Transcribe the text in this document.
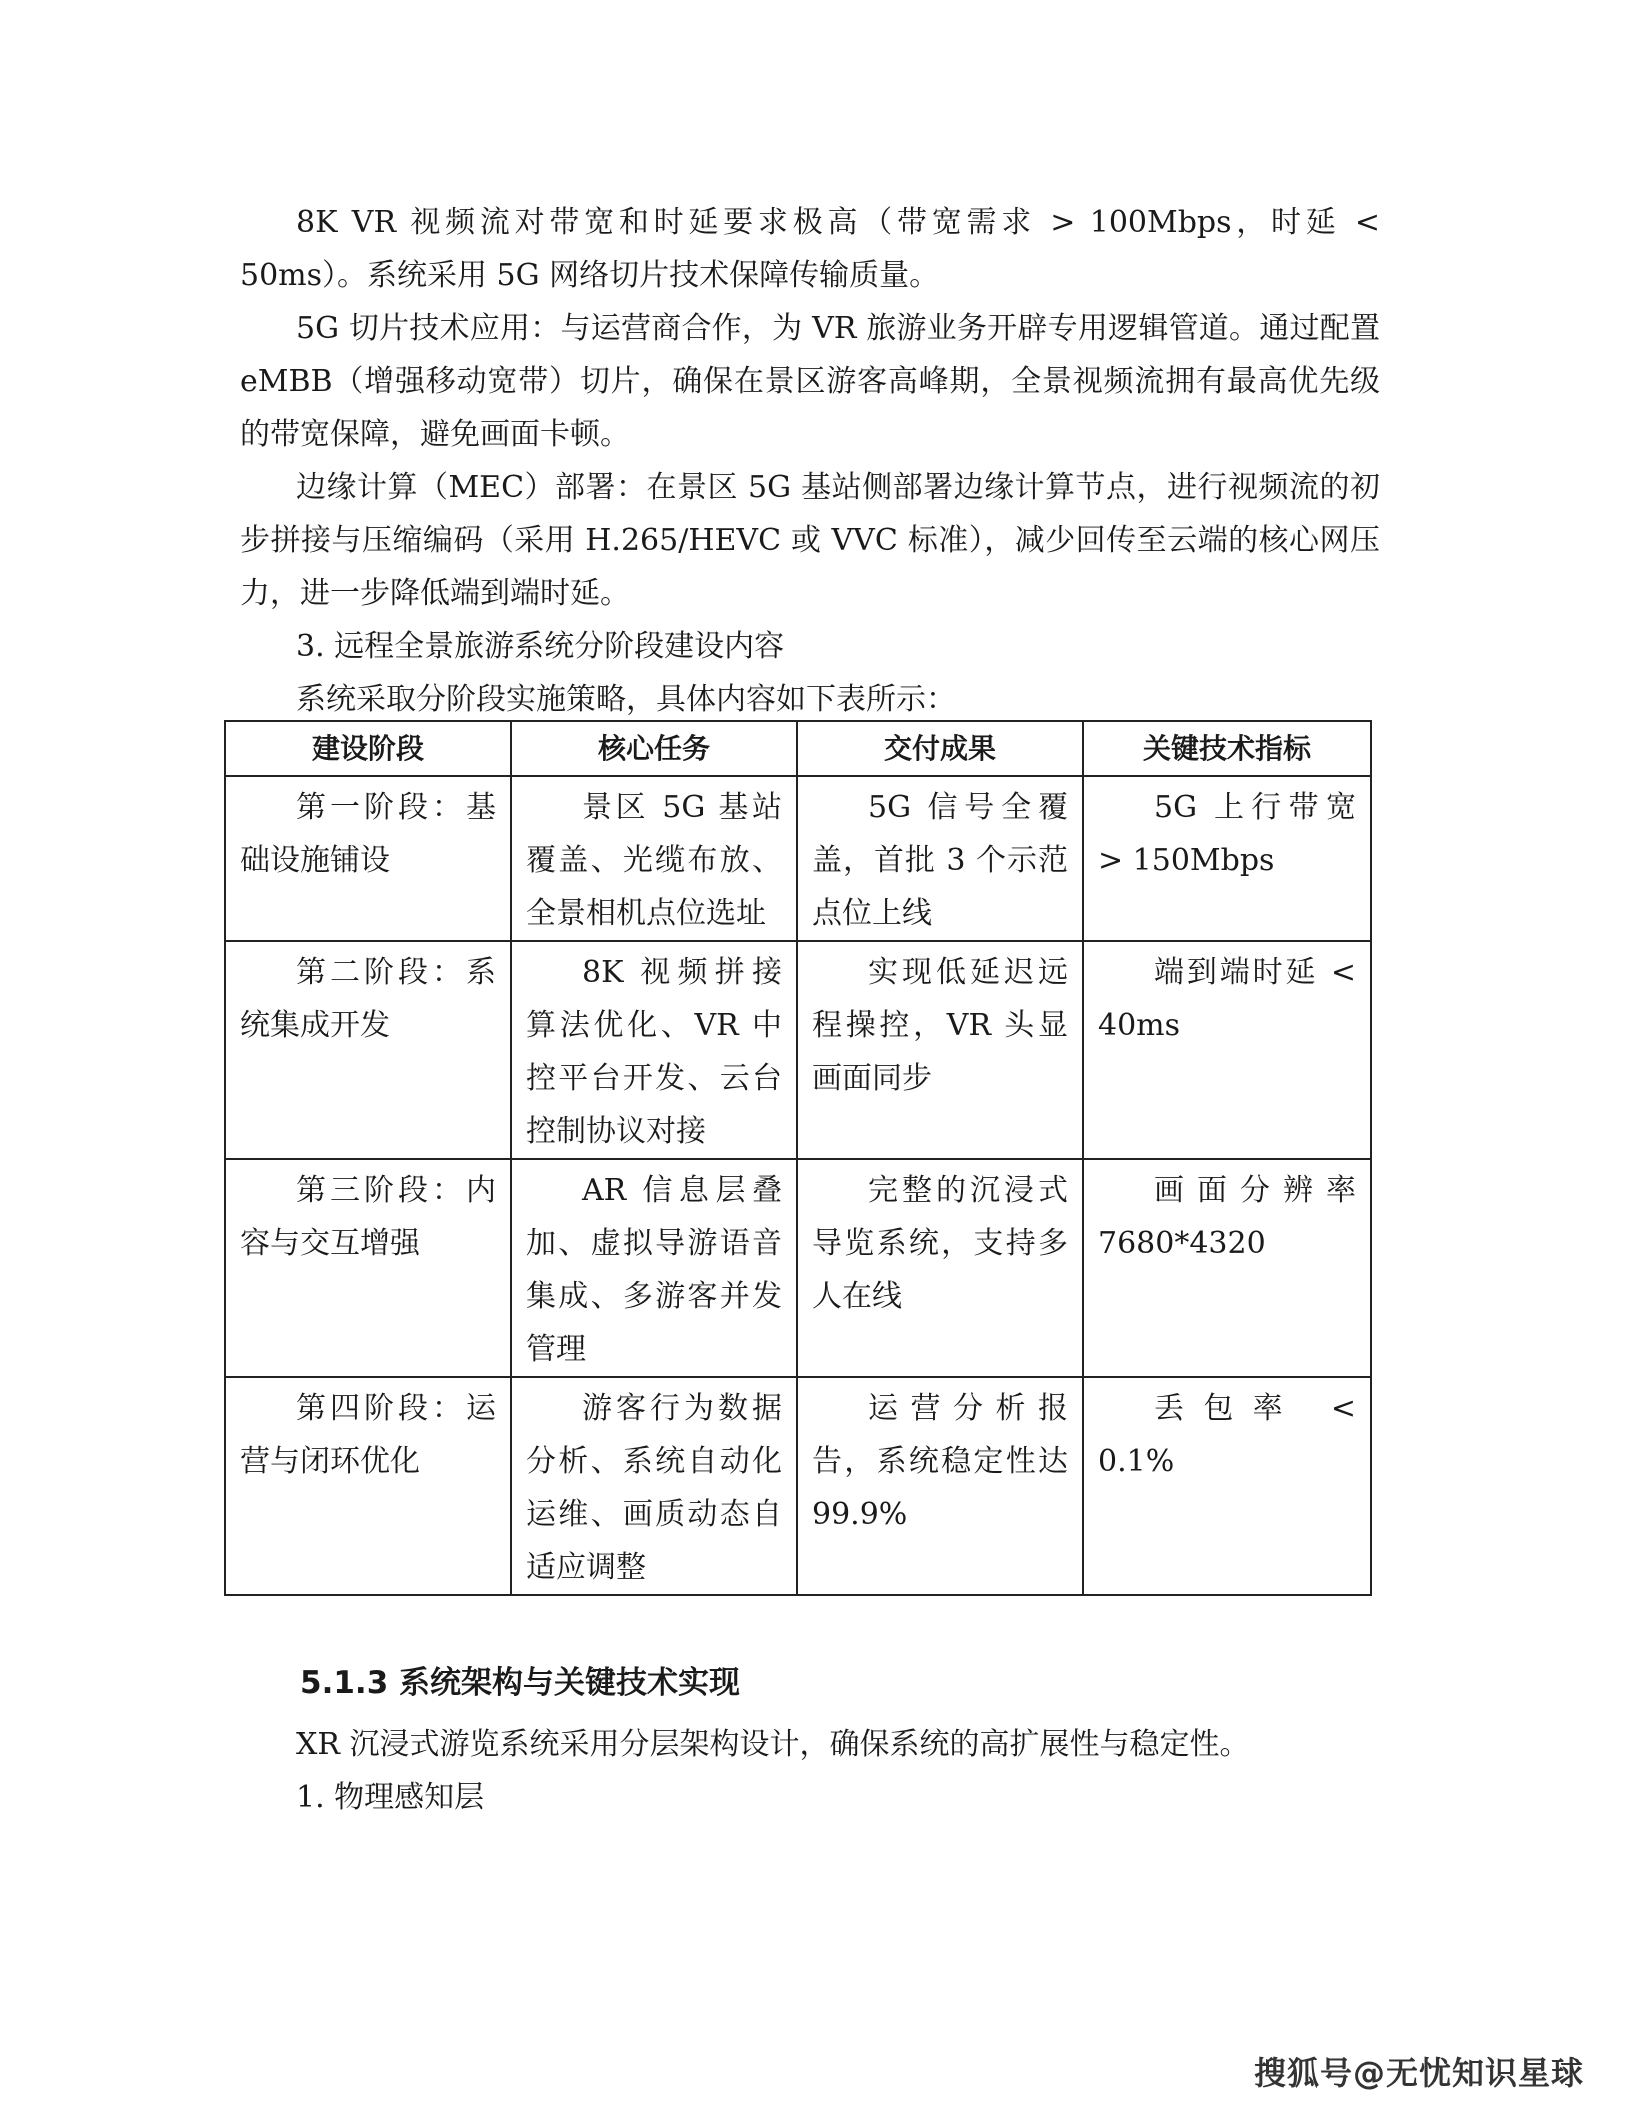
8K VR 视频流对带宽和时延要求极高（带宽需求 > 100Mbps，时延 < 50ms）。系统采用 5G 网络切片技术保障传输质量。

5G 切片技术应用：与运营商合作，为 VR 旅游业务开辟专用逻辑管道。通过配置 eMBB（增强移动宽带）切片，确保在景区游客高峰期，全景视频流拥有最高优先级的带宽保障，避免画面卡顿。

边缘计算（MEC）部署：在景区 5G 基站侧部署边缘计算节点，进行视频流的初步拼接与压缩编码（采用 H.265/HEVC 或 VVC 标准），减少回传至云端的核心网压力，进一步降低端到端时延。

3. 远程全景旅游系统分阶段建设内容

系统采取分阶段实施策略，具体内容如下表所示：

建设阶段	核心任务	交付成果	关键技术指标
第一阶段：基础设施铺设	景区 5G 基站覆盖、光缆布放、全景相机点位选址	5G 信号全覆盖，首批 3 个示范点位上线	5G 上行带宽 > 150Mbps
第二阶段：系统集成开发	8K 视频拼接算法优化、VR 中控平台开发、云台控制协议对接	实现低延迟远程操控，VR 头显画面同步	端到端时延 < 40ms
第三阶段：内容与交互增强	AR 信息层叠加、虚拟导游语音集成、多游客并发管理	完整的沉浸式导览系统，支持多人在线	画面分辨率 7680*4320
第四阶段：运营与闭环优化	游客行为数据分析、系统自动化运维、画质动态自适应调整	运营分析报告，系统稳定性达 99.9%	丢包率 < 0.1%
5.1.3 系统架构与关键技术实现

XR 沉浸式游览系统采用分层架构设计，确保系统的高扩展性与稳定性。

1. 物理感知层

搜狐号@无忧知识星球
